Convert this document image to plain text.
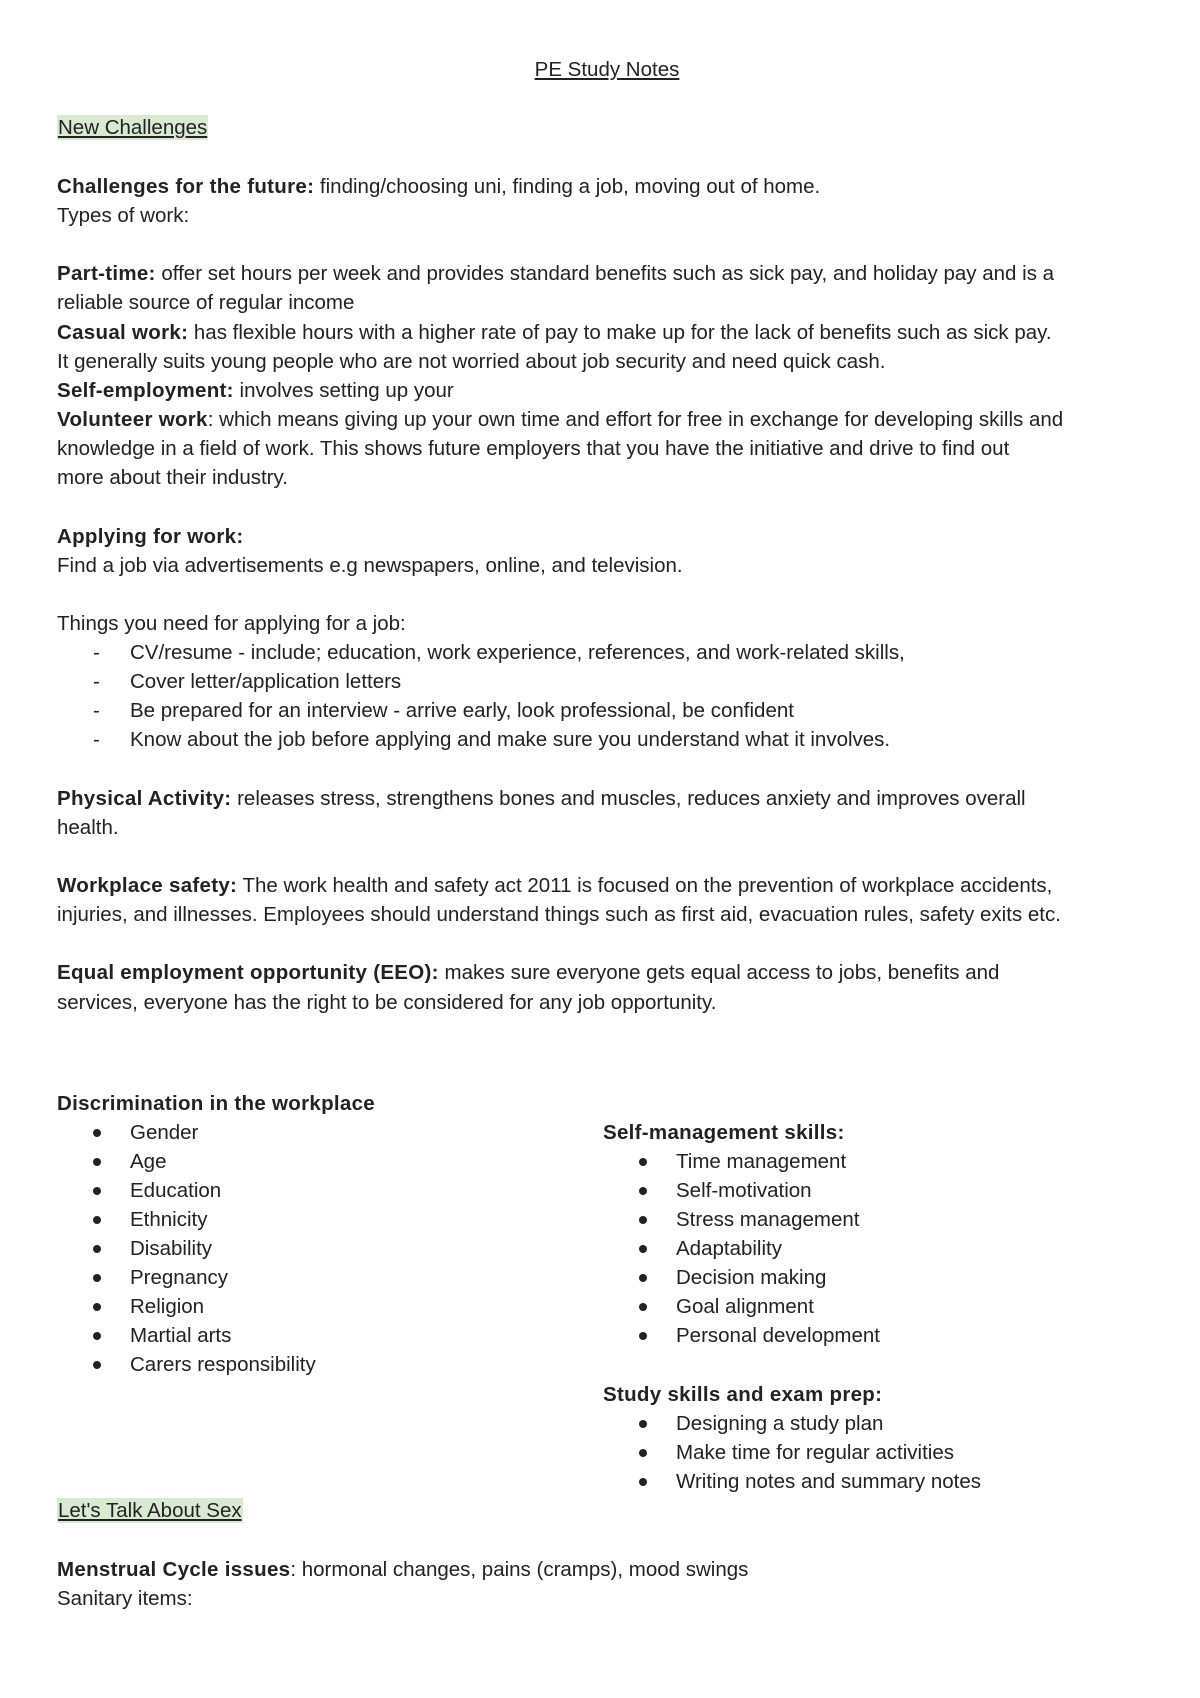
PE Study Notes
New Challenges
Challenges for the future: finding/choosing uni, finding a job, moving out of home.
Types of work:
Part-time: offer set hours per week and provides standard benefits such as sick pay, and holiday pay and is a
reliable source of regular income
Casual work: has flexible hours with a higher rate of pay to make up for the lack of benefits such as sick pay.
It generally suits young people who are not worried about job security and need quick cash.
Self-employment: involves setting up your
Volunteer work: which means giving up your own time and effort for free in exchange for developing skills and
knowledge in a field of work. This shows future employers that you have the initiative and drive to find out
more about their industry.
Applying for work:
Find a job via advertisements e.g newspapers, online, and television.
Things you need for applying for a job:
- CV/resume - include; education, work experience, references, and work-related skills,
- Cover letter/application letters
- Be prepared for an interview - arrive early, look professional, be confident
- Know about the job before applying and make sure you understand what it involves.
Physical Activity: releases stress, strengthens bones and muscles, reduces anxiety and improves overall
health.
Workplace safety: The work health and safety act 2011 is focused on the prevention of workplace accidents,
injuries, and illnesses. Employees should understand things such as first aid, evacuation rules, safety exits etc.
Equal employment opportunity (EEO): makes sure everyone gets equal access to jobs, benefits and
services, everyone has the right to be considered for any job opportunity.
Discrimination in the workplace
Gender
Age
Education
Ethnicity
Disability
Pregnancy
Religion
Martial arts
Carers responsibility
Self-management skills:
Time management
Self-motivation
Stress management
Adaptability
Decision making
Goal alignment
Personal development
Study skills and exam prep:
Designing a study plan
Make time for regular activities
Writing notes and summary notes
Let's Talk About Sex
Menstrual Cycle issues: hormonal changes, pains (cramps), mood swings
Sanitary items:
